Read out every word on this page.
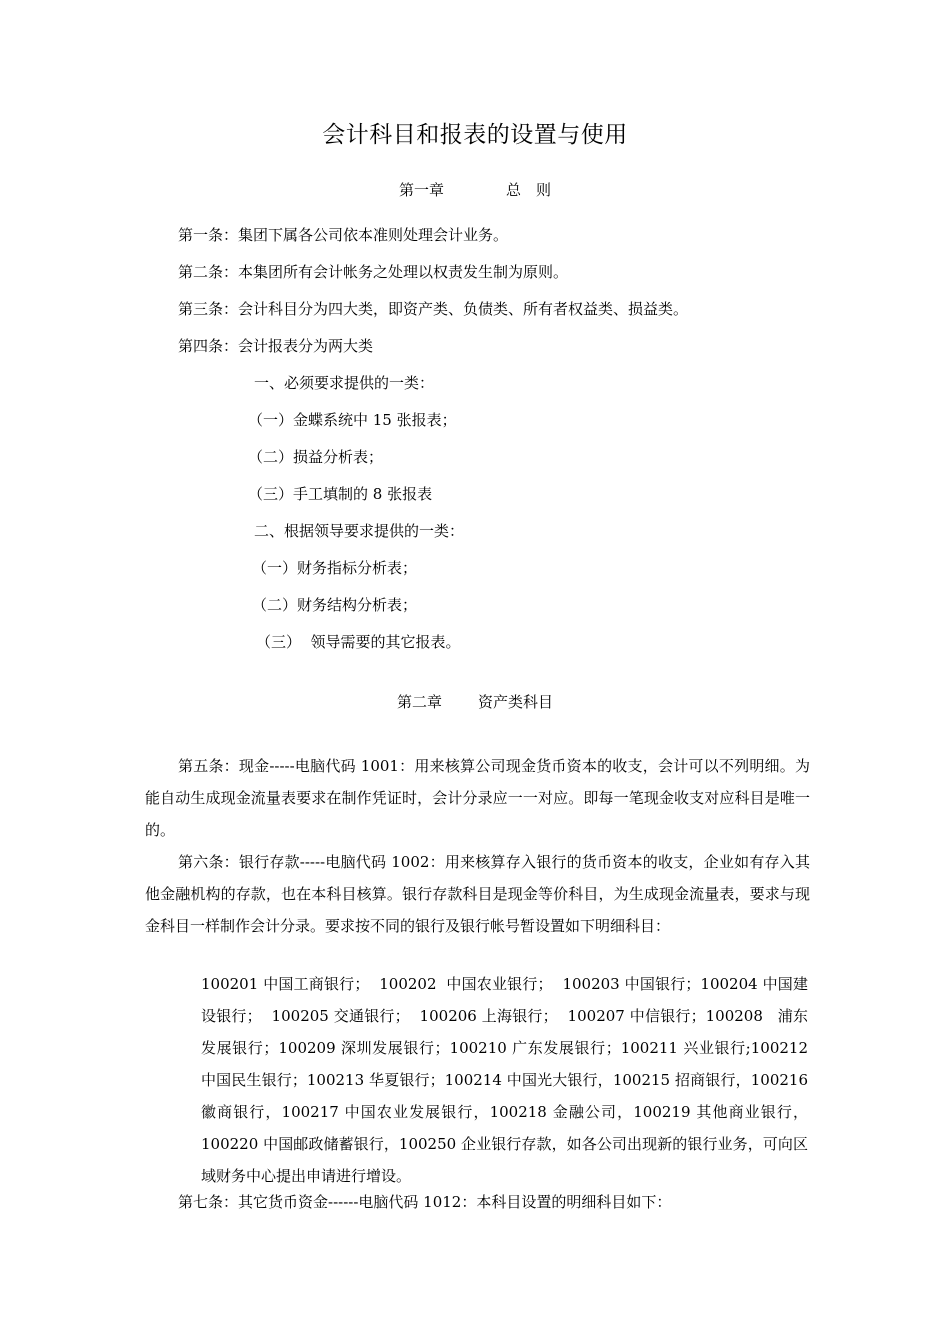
会计科目和报表的设置与使用
第一章	总　则
第一条：集团下属各公司依本准则处理会计业务。
第二条：本集团所有会计帐务之处理以权责发生制为原则。
第三条：会计科目分为四大类，即资产类、负债类、所有者权益类、损益类。
第四条：会计报表分为两大类
一、必须要求提供的一类：
（一）金蝶系统中 15 张报表；
（二）损益分析表；
（三）手工填制的 8 张报表
二、根据领导要求提供的一类：
（一）财务指标分析表；
（二）财务结构分析表；
（三）  领导需要的其它报表。
第二章 资产类科目
第五条：现金-----电脑代码 1001：用来核算公司现金货币资本的收支，会计可以不列明细。为能自动生成现金流量表要求在制作凭证时，会计分录应一一对应。即每一笔现金收支对应科目是唯一的。
第六条：银行存款-----电脑代码 1002：用来核算存入银行的货币资本的收支，企业如有存入其他金融机构的存款，也在本科目核算。银行存款科目是现金等价科目，为生成现金流量表，要求与现金科目一样制作会计分录。要求按不同的银行及银行帐号暂设置如下明细科目：
100201 中国工商银行；  100202  中国农业银行；  100203 中国银行；100204 中国建设银行；  100205 交通银行；  100206 上海银行；  100207 中信银行；100208   浦东发展银行；100209 深圳发展银行；100210 广东发展银行；100211 兴业银行;100212 中国民生银行；100213 华夏银行；100214 中国光大银行，100215 招商银行，100216 徽商银行，100217 中国农业发展银行，100218 金融公司，100219 其他商业银行，100220 中国邮政储蓄银行，100250 企业银行存款，如各公司出现新的银行业务，可向区域财务中心提出申请进行增设。
第七条：其它货币资金------电脑代码 1012：本科目设置的明细科目如下：
